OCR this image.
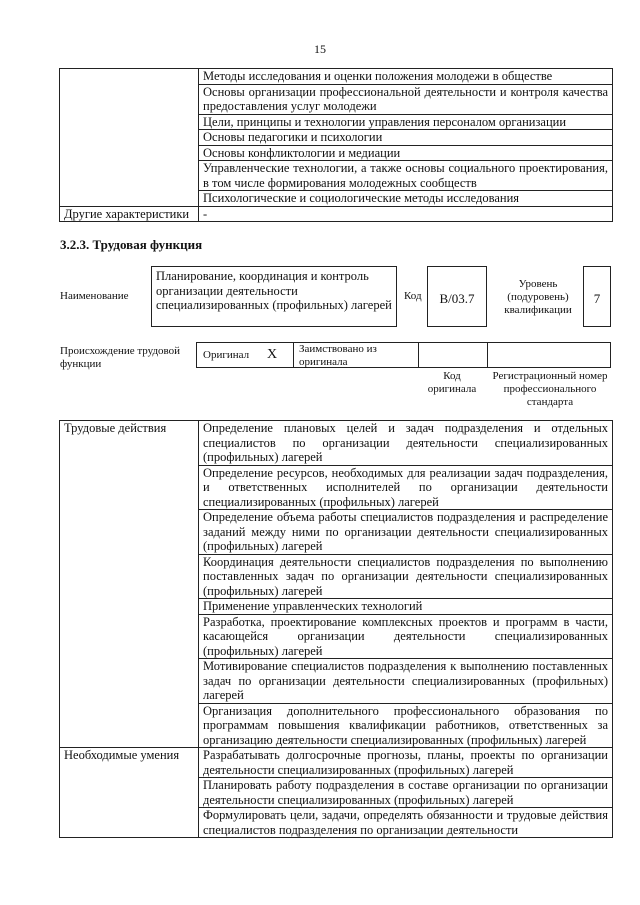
15
	Методы исследования и оценки положения молодежи в обществе
	Основы организации профессиональной деятельности и контроля качества предоставления услуг молодежи
	Цели, принципы и технологии управления персоналом организации
	Основы педагогики и психологии
	Основы конфликтологии и медиации
	Управленческие технологии, а также основы социального проектирования, в том числе формирования молодежных сообществ
	Психологические и социологические методы исследования
Другие характеристики	-
3.2.3. Трудовая функция
Наименование
Планирование, координация и контроль организации деятельности специализированных (профильных) лагерей
Код	B/03.7
Уровень (подуровень) квалификации
7
Происхождение трудовой функции
Оригинал X Заимствовано из оригинала
Код оригинала
Регистрационный номер профессионального стандарта
Трудовые действия	Определение плановых целей и задач подразделения и отдельных специалистов по организации деятельности специализированных (профильных) лагерей
	Определение ресурсов, необходимых для реализации задач подразделения, и ответственных исполнителей по организации деятельности специализированных (профильных) лагерей
	Определение объема работы специалистов подразделения и распределение заданий между ними по организации деятельности специализированных (профильных) лагерей
	Координация деятельности специалистов подразделения по выполнению поставленных задач по организации деятельности специализированных (профильных) лагерей
	Применение управленческих технологий
	Разработка, проектирование комплексных проектов и программ в части, касающейся организации деятельности специализированных (профильных) лагерей
	Мотивирование специалистов подразделения к выполнению поставленных задач по организации деятельности специализированных (профильных) лагерей
	Организация дополнительного профессионального образования по программам повышения квалификации работников, ответственных за организацию деятельности специализированных (профильных) лагерей
Необходимые умения	Разрабатывать долгосрочные прогнозы, планы, проекты по организации деятельности специализированных (профильных) лагерей
	Планировать работу подразделения в составе организации по организации деятельности специализированных (профильных) лагерей
	Формулировать цели, задачи, определять обязанности и трудовые действия специалистов подразделения по организации деятельности
